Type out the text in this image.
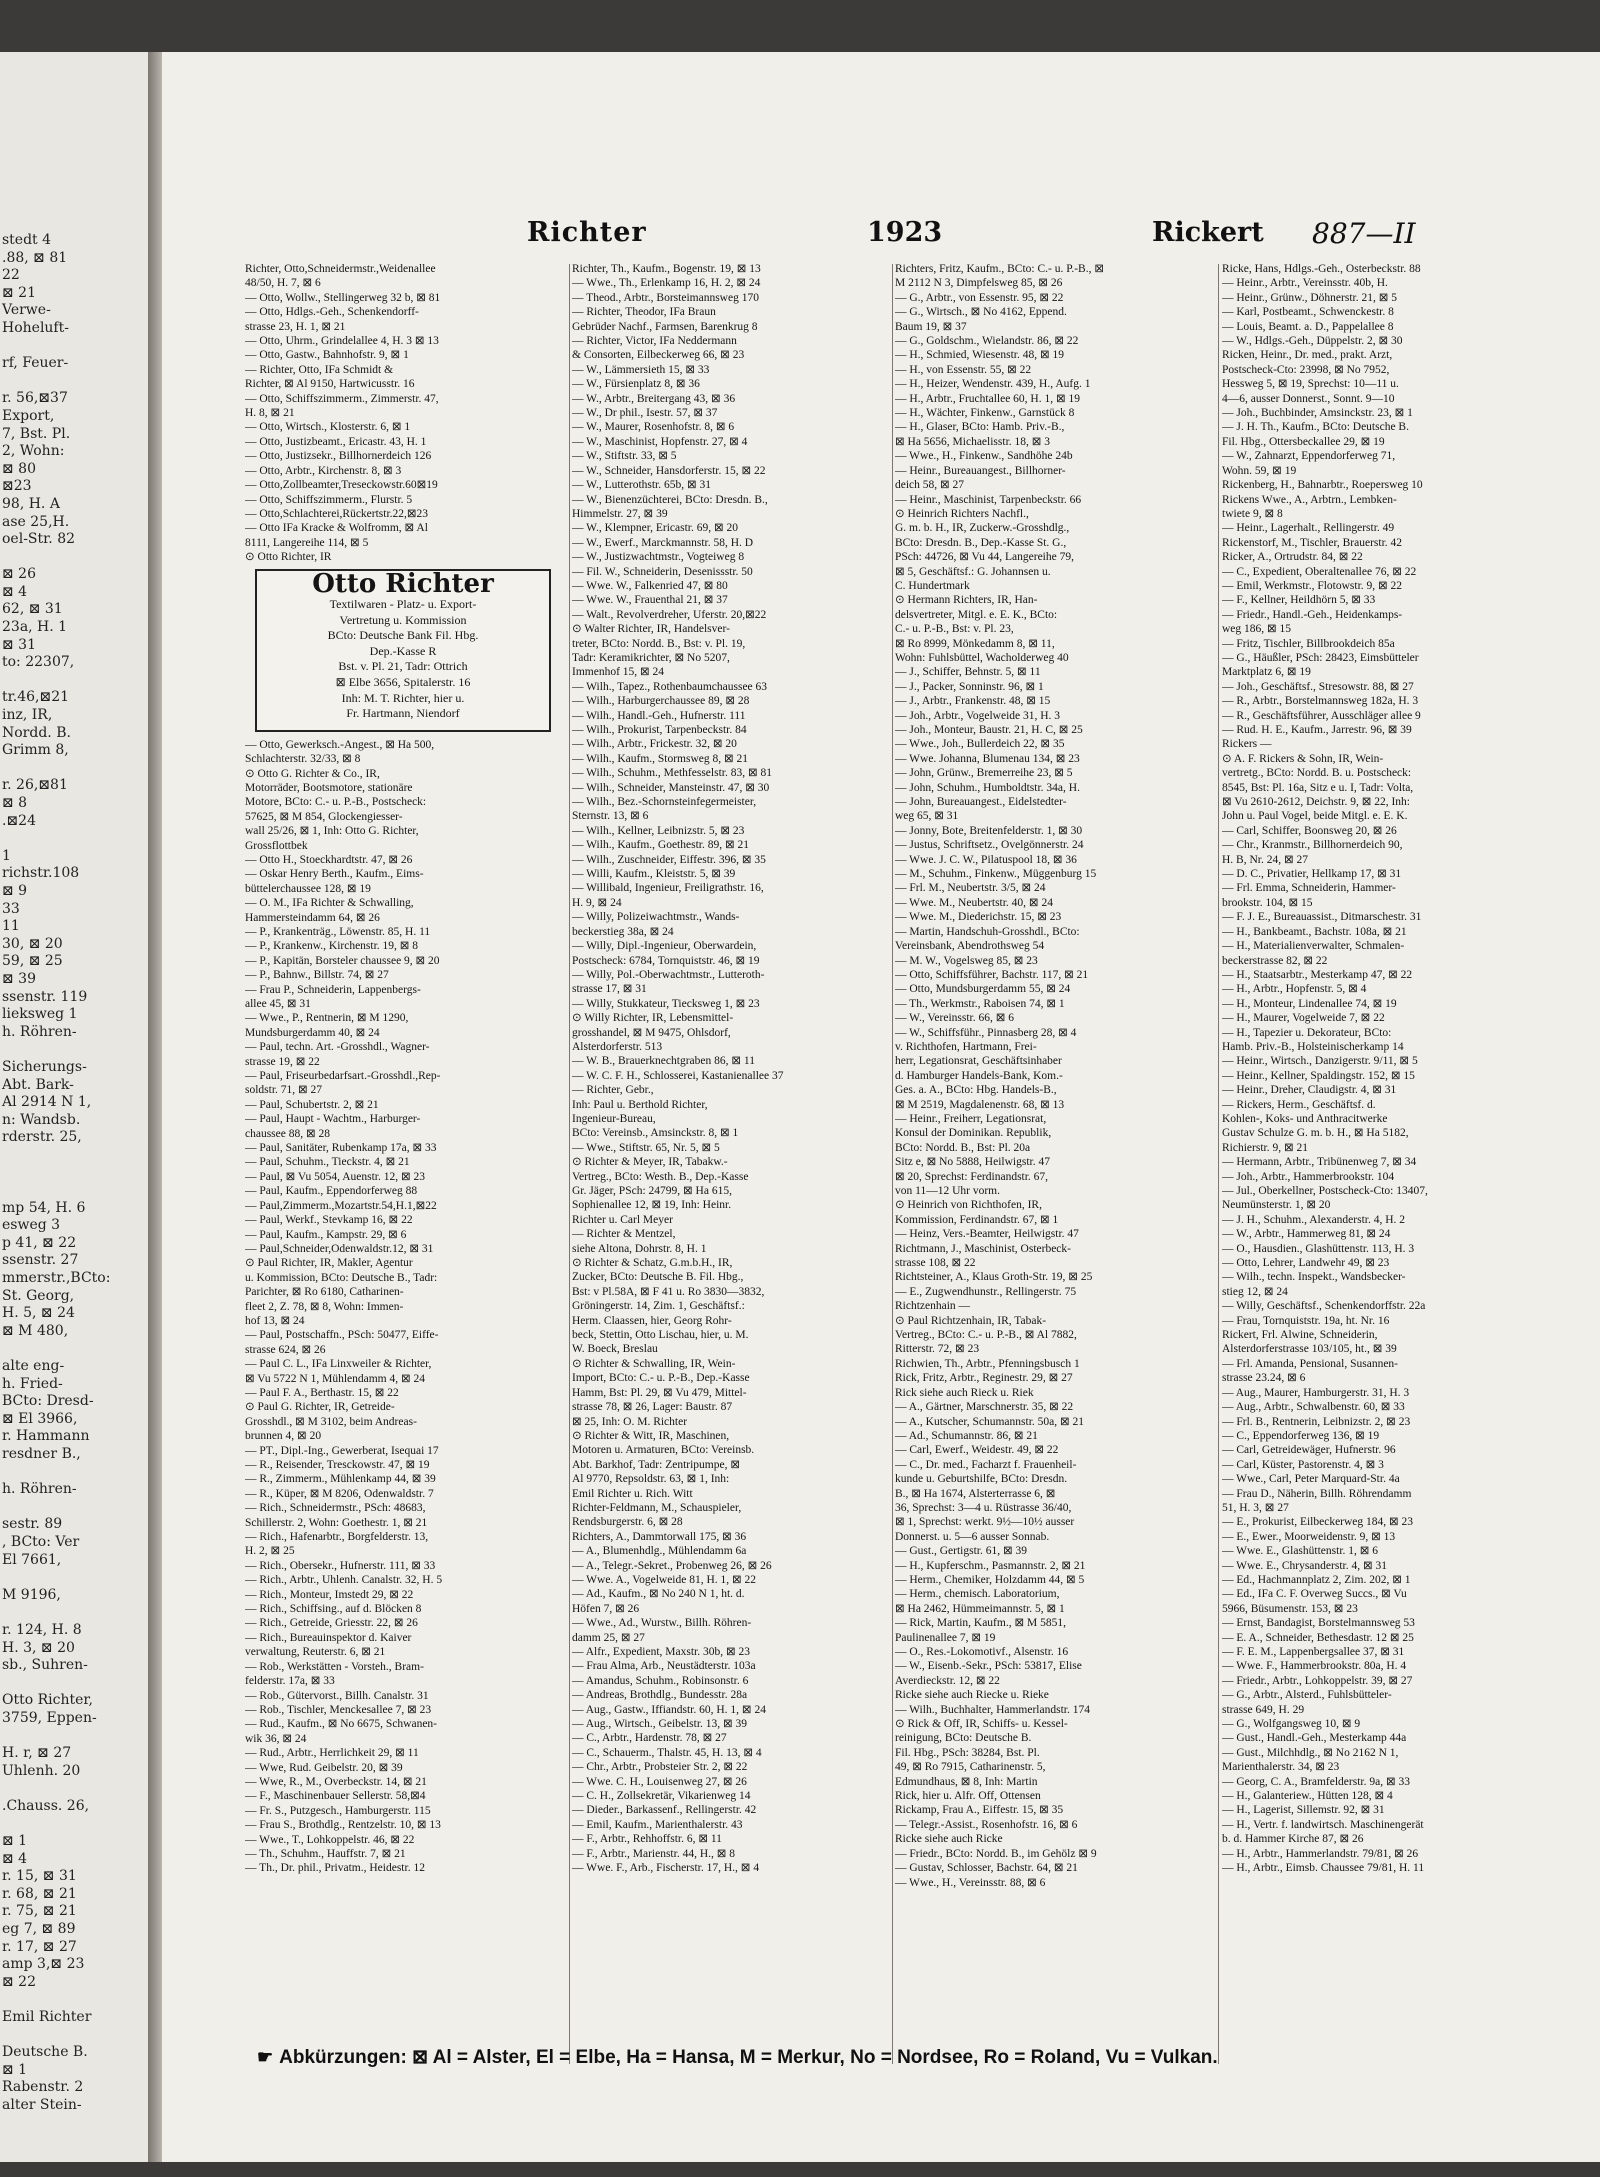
stedt 4
.88, ⊠ 81
22
⊠ 21
Verwe-
Hoheluft-

rf, Feuer-

r. 56,⊠37
Export,
7, Bst. Pl.
2, Wohn:
⊠ 80
⊠23
98, H. A
ase 25,H.
oel-Str. 82

⊠ 26
⊠ 4
62, ⊠ 31
23a, H. 1
⊠ 31
to: 22307,

tr.46,⊠21
inz, IR,
Nordd. B.
Grimm 8,

r. 26,⊠81
⊠ 8
.⊠24

1
richstr.108
⊠ 9
33
11
30, ⊠ 20
59, ⊠ 25
⊠ 39
ssenstr. 119
lieksweg 1
h. Röhren-

Sicherungs-
Abt. Bark-
Al 2914 N 1,
n: Wandsb.
rderstr. 25,

mp 54, H. 6
esweg 3
p 41, ⊠ 22
ssenstr. 27
mmerstr.,BCto:
St. Georg,
H. 5, ⊠ 24
⊠ M 480,

alte eng-
h. Fried-
BCto: Dresd-
⊠ El 3966,
r. Hammann
resdner B.,

h. Röhren-

sestr. 89
, BCto: Ver
El 7661,

M 9196,

r. 124, H. 8
H. 3, ⊠ 20
sb., Suhren-

Otto Richter,
3759, Eppen-

H. r, ⊠ 27
Uhlenh. 20

.Chauss. 26,

⊠ 1
⊠ 4
r. 15, ⊠ 31
r. 68, ⊠ 21
r. 75, ⊠ 21
eg 7, ⊠ 89
r. 17, ⊠ 27
amp 3,⊠ 23
⊠ 22

Emil Richter

Deutsche B.
⊠ 1
Rabenstr. 2
alter Stein-
Richter	1923	Rickert 887—II
Richter, Otto,Schneidermstr.,Weidenallee
48/50, H. 7, ⊠ 6
— Otto, Wollw., Stellingerweg 32 b, ⊠ 81
— Otto, Hdlgs.-Geh., Schenkendorff-
strasse 23, H. 1, ⊠ 21
— Otto, Uhrm., Grindelallee 4, H. 3 ⊠ 13
— Otto, Gastw., Bahnhofstr. 9, ⊠ 1
— Richter, Otto, IFa Schmidt &
Richter, ⊠ Al 9150, Hartwicusstr. 16
— Otto, Schiffszimmerm., Zimmerstr. 47,
H. 8, ⊠ 21
— Otto, Wirtsch., Klosterstr. 6, ⊠ 1
— Otto, Justizbeamt., Ericastr. 43, H. 1
— Otto, Justizsekr., Billhornerdeich 126
— Otto, Arbtr., Kirchenstr. 8, ⊠ 3
— Otto,Zollbeamter,Treseckowstr.60⊠19
— Otto, Schiffszimmerm., Flurstr. 5
— Otto,Schlachterei,Rückertstr.22,⊠23
— Otto IFa Kracke & Wolfromm, ⊠ Al
8111, Langereihe 114, ⊠ 5
⊙ Otto Richter, IR
Otto Richter
Textilwaren - Platz- u. Export-
Vertretung u. Kommission
BCto: Deutsche Bank Fil. Hbg.
Dep.-Kasse R
Bst. v. Pl. 21, Tadr: Ottrich
⊠ Elbe 3656, Spitalerstr. 16
Inh: M. T. Richter, hier u.
Fr. Hartmann, Niendorf
— Otto, Gewerksch.-Angest., ⊠ Ha 500,
Schlachterstr. 32/33, ⊠ 8
⊙ Otto G. Richter & Co., IR,
Motorräder, Bootsmotore, stationäre
Motore, BCto: C.- u. P.-B., Postscheck:
57625, ⊠ M 854, Glockengiesser-
wall 25/26, ⊠ 1, Inh: Otto G. Richter,
Grossflottbek
— Otto H., Stoeckhardtstr. 47, ⊠ 26
— Oskar Henry Berth., Kaufm., Eims-
büttelerchaussee 128, ⊠ 19
— O. M., IFa Richter & Schwalling,
Hammersteindamm 64, ⊠ 26
— P., Krankenträg., Löwenstr. 85, H. 11
— P., Krankenw., Kirchenstr. 19, ⊠ 8
— P., Kapitän, Borsteler chaussee 9, ⊠ 20
— P., Bahnw., Billstr. 74, ⊠ 27
— Frau P., Schneiderin, Lappenbergs-
allee 45, ⊠ 31
— Wwe., P., Rentnerin, ⊠ M 1290,
Mundsburgerdamm 40, ⊠ 24
— Paul, techn. Art. -Grosshdl., Wagner-
strasse 19, ⊠ 22
— Paul, Friseurbedarfsart.-Grosshdl.,Rep-
soldstr. 71, ⊠ 27
— Paul, Schubertstr. 2, ⊠ 21
— Paul, Haupt - Wachtm., Harburger-
chaussee 88, ⊠ 28
— Paul, Sanitäter, Rubenkamp 17a, ⊠ 33
— Paul, Schuhm., Tieckstr. 4, ⊠ 21
— Paul, ⊠ Vu 5054, Auenstr. 12, ⊠ 23
— Paul, Kaufm., Eppendorferweg 88
— Paul,Zimmerm.,Mozartstr.54,H.1,⊠22
— Paul, Werkf., Stevkamp 16, ⊠ 22
— Paul, Kaufm., Kampstr. 29, ⊠ 6
— Paul,Schneider,Odenwaldstr.12, ⊠ 31
⊙ Paul Richter, IR, Makler, Agentur
u. Kommission, BCto: Deutsche B., Tadr:
Parichter, ⊠ Ro 6180, Catharinen-
fleet 2, Z. 78, ⊠ 8, Wohn: Immen-
hof 13, ⊠ 24
— Paul, Postschaffn., PSch: 50477, Eiffe-
strasse 624, ⊠ 26
— Paul C. L., IFa Linxweiler & Richter,
⊠ Vu 5722 N 1, Mühlendamm 4, ⊠ 24
— Paul F. A., Berthastr. 15, ⊠ 22
⊙ Paul G. Richter, IR, Getreide-
Grosshdl., ⊠ M 3102, beim Andreas-
brunnen 4, ⊠ 20
— PT., Dipl.-Ing., Gewerberat, Isequai 17
— R., Reisender, Tresckowstr. 47, ⊠ 19
— R., Zimmerm., Mühlenkamp 44, ⊠ 39
— R., Küper, ⊠ M 8206, Odenwaldstr. 7
— Rich., Schneidermstr., PSch: 48683,
Schillerstr. 2, Wohn: Goethestr. 1, ⊠ 21
— Rich., Hafenarbtr., Borgfelderstr. 13,
H. 2, ⊠ 25
— Rich., Obersekr., Hufnerstr. 111, ⊠ 33
— Rich., Arbtr., Uhlenh. Canalstr. 32, H. 5
— Rich., Monteur, Imstedt 29, ⊠ 22
— Rich., Schiffsing., auf d. Blöcken 8
— Rich., Getreide, Griesstr. 22, ⊠ 26
— Rich., Bureauinspektor d. Kaiver
verwaltung, Reuterstr. 6, ⊠ 21
— Rob., Werkstätten - Vorsteh., Bram-
felderstr. 17a, ⊠ 33
— Rob., Gütervorst., Billh. Canalstr. 31
— Rob., Tischler, Menckesallee 7, ⊠ 23
— Rud., Kaufm., ⊠ No 6675, Schwanen-
wik 36, ⊠ 24
— Rud., Arbtr., Herrlichkeit 29, ⊠ 11
— Wwe, Rud. Geibelstr. 20, ⊠ 39
— Wwe, R., M., Overbeckstr. 14, ⊠ 21
— F., Maschinenbauer Sellerstr. 58,⊠4
— Fr. S., Putzgesch., Hamburgerstr. 115
— Frau S., Brothdlg., Rentzelstr. 10, ⊠ 13
— Wwe., T., Lohkoppelstr. 46, ⊠ 22
— Th., Schuhm., Hauffstr. 7, ⊠ 21
— Th., Dr. phil., Privatm., Heidestr. 12
Richter, Th., Kaufm., Bogenstr. 19, ⊠ 13
— Wwe., Th., Erlenkamp 16, H. 2, ⊠ 24
— Theod., Arbtr., Borsteimannsweg 170
— Richter, Theodor, IFa Braun
Gebrüder Nachf., Farmsen, Barenkrug 8
— Richter, Victor, IFa Neddermann
& Consorten, Eilbeckerweg 66, ⊠ 23
— W., Lämmersieth 15, ⊠ 33
— W., Fürsienplatz 8, ⊠ 36
— W., Arbtr., Breitergang 43, ⊠ 36
— W., Dr phil., Isestr. 57, ⊠ 37
— W., Maurer, Rosenhofstr. 8, ⊠ 6
— W., Maschinist, Hopfenstr. 27, ⊠ 4
— W., Stiftstr. 33, ⊠ 5
— W., Schneider, Hansdorferstr. 15, ⊠ 22
— W., Lutterothstr. 65b, ⊠ 31
— W., Bienenzüchterei, BCto: Dresdn. B.,
Himmelstr. 27, ⊠ 39
— W., Klempner, Ericastr. 69, ⊠ 20
— W., Ewerf., Marckmannstr. 58, H. D
— W., Justizwachtmstr., Vogteiweg 8
— Fil. W., Schneiderin, Desenissstr. 50
— Wwe. W., Falkenried 47, ⊠ 80
— Wwe. W., Frauenthal 21, ⊠ 37
— Walt., Revolverdreher, Uferstr. 20,⊠22
⊙ Walter Richter, IR, Handelsver-
treter, BCto: Nordd. B., Bst: v. Pl. 19,
Tadr: Keramikrichter, ⊠ No 5207,
Immenhof 15, ⊠ 24
— Wilh., Tapez., Rothenbaumchaussee 63
— Wilh., Harburgerchaussee 89, ⊠ 28
— Wilh., Handl.-Geh., Hufnerstr. 111
— Wilh., Prokurist, Tarpenbeckstr. 84
— Wilh., Arbtr., Frickestr. 32, ⊠ 20
— Wilh., Kaufm., Stormsweg 8, ⊠ 21
— Wilh., Schuhm., Methfesselstr. 83, ⊠ 81
— Wilh., Schneider, Mansteinstr. 47, ⊠ 30
— Wilh., Bez.-Schornsteinfegermeister,
Sternstr. 13, ⊠ 6
— Wilh., Kellner, Leibnizstr. 5, ⊠ 23
— Wilh., Kaufm., Goethestr. 89, ⊠ 21
— Wilh., Zuschneider, Eiffestr. 396, ⊠ 35
— Willi, Kaufm., Kleiststr. 5, ⊠ 39
— Willibald, Ingenieur, Freiligrathstr. 16,
H. 9, ⊠ 24
— Willy, Polizeiwachtmstr., Wands-
beckerstieg 38a, ⊠ 24
— Willy, Dipl.-Ingenieur, Oberwardein,
Postscheck: 6784, Tornquiststr. 46, ⊠ 19
— Willy, Pol.-Oberwachtmstr., Lutteroth-
strasse 17, ⊠ 31
— Willy, Stukkateur, Tiecksweg 1, ⊠ 23
⊙ Willy Richter, IR, Lebensmittel-
grosshandel, ⊠ M 9475, Ohlsdorf,
Alsterdorferstr. 513
— W. B., Brauerknechtgraben 86, ⊠ 11
— W. C. F. H., Schlosserei, Kastanienallee 37
— Richter, Gebr.,
Inh: Paul u. Berthold Richter,
Ingenieur-Bureau,
BCto: Vereinsb., Amsinckstr. 8, ⊠ 1
— Wwe., Stiftstr. 65, Nr. 5, ⊠ 5
⊙ Richter & Meyer, IR, Tabakw.-
Vertreg., BCto: Westh. B., Dep.-Kasse
Gr. Jäger, PSch: 24799, ⊠ Ha 615,
Sophienallee 12, ⊠ 19, Inh: Heinr.
Richter u. Carl Meyer
— Richter & Mentzel,
siehe Altona, Dohrstr. 8, H. 1
⊙ Richter & Schatz, G.m.b.H., IR,
Zucker, BCto: Deutsche B. Fil. Hbg.,
Bst: v Pl.58A, ⊠ F 41 u. Ro 3830—3832,
Gröningerstr. 14, Zim. 1, Geschäftsf.:
Herm. Claassen, hier, Georg Rohr-
beck, Stettin, Otto Lischau, hier, u. M.
W. Boeck, Breslau
⊙ Richter & Schwalling, IR, Wein-
Import, BCto: C.- u. P.-B., Dep.-Kasse
Hamm, Bst: Pl. 29, ⊠ Vu 479, Mittel-
strasse 78, ⊠ 26, Lager: Baustr. 87
⊠ 25, Inh: O. M. Richter
⊙ Richter & Witt, IR, Maschinen,
Motoren u. Armaturen, BCto: Vereinsb.
Abt. Barkhof, Tadr: Zentripumpe, ⊠
Al 9770, Repsoldstr. 63, ⊠ 1, Inh:
Emil Richter u. Rich. Witt
Richter-Feldmann, M., Schauspieler,
Rendsburgerstr. 6, ⊠ 28
Richters, A., Dammtorwall 175, ⊠ 36
— A., Blumenhdlg., Mühlendamm 6a
— A., Telegr.-Sekret., Probenweg 26, ⊠ 26
— Wwe. A., Vogelweide 81, H. 1, ⊠ 22
— Ad., Kaufm., ⊠ No 240 N 1, ht. d.
Höfen 7, ⊠ 26
— Wwe., Ad., Wurstw., Billh. Röhren-
damm 25, ⊠ 27
— Alfr., Expedient, Maxstr. 30b, ⊠ 23
— Frau Alma, Arb., Neustädterstr. 103a
— Amandus, Schuhm., Robinsonstr. 6
— Andreas, Brothdlg., Bundesstr. 28a
— Aug., Gastw., Iffiandstr. 60, H. 1, ⊠ 24
— Aug., Wirtsch., Geibelstr. 13, ⊠ 39
— C., Arbtr., Hardenstr. 78, ⊠ 27
— C., Schauerm., Thalstr. 45, H. 13, ⊠ 4
— Chr., Arbtr., Probsteier Str. 2, ⊠ 22
— Wwe. C. H., Louisenweg 27, ⊠ 26
— C. H., Zollsekretär, Vikarienweg 14
— Dieder., Barkassenf., Rellingerstr. 42
— Emil, Kaufm., Marienthalerstr. 43
— F., Arbtr., Rehhoffstr. 6, ⊠ 11
— F., Arbtr., Marienstr. 44, H., ⊠ 8
— Wwe. F., Arb., Fischerstr. 17, H., ⊠ 4
Richters, Fritz, Kaufm., BCto: C.- u. P.-B., ⊠
M 2112 N 3, Dimpfelsweg 85, ⊠ 26
— G., Arbtr., von Essenstr. 95, ⊠ 22
— G., Wirtsch., ⊠ No 4162, Eppend.
Baum 19, ⊠ 37
— G., Goldschm., Wielandstr. 86, ⊠ 22
— H., Schmied, Wiesenstr. 48, ⊠ 19
— H., von Essenstr. 55, ⊠ 22
— H., Heizer, Wendenstr. 439, H., Aufg. 1
— H., Arbtr., Fruchtallee 60, H. 1, ⊠ 19
— H., Wächter, Finkenw., Garnstück 8
— H., Glaser, BCto: Hamb. Priv.-B.,
⊠ Ha 5656, Michaelisstr. 18, ⊠ 3
— Wwe., H., Finkenw., Sandhöhe 24b
— Heinr., Bureauangest., Billhorner-
deich 58, ⊠ 27
— Heinr., Maschinist, Tarpenbeckstr. 66
⊙ Heinrich Richters Nachfl.,
G. m. b. H., IR, Zuckerw.-Grosshdlg.,
BCto: Dresdn. B., Dep.-Kasse St. G.,
PSch: 44726, ⊠ Vu 44, Langereihe 79,
⊠ 5, Geschäftsf.: G. Johannsen u.
C. Hundertmark
⊙ Hermann Richters, IR, Han-
delsvertreter, Mitgl. e. E. K., BCto:
C.- u. P.-B., Bst: v. Pl. 23,
⊠ Ro 8999, Mönkedamm 8, ⊠ 11,
Wohn: Fuhlsbüttel, Wacholderweg 40
— J., Schiffer, Behnstr. 5, ⊠ 11
— J., Packer, Sonninstr. 96, ⊠ 1
— J., Arbtr., Frankenstr. 48, ⊠ 15
— Joh., Arbtr., Vogelweide 31, H. 3
— Joh., Monteur, Baustr. 21, H. C, ⊠ 25
— Wwe., Joh., Bullerdeich 22, ⊠ 35
— Wwe. Johanna, Blumenau 134, ⊠ 23
— John, Grünw., Bremerreihe 23, ⊠ 5
— John, Schuhm., Humboldtstr. 34a, H.
— John, Bureauangest., Eidelstedter-
weg 65, ⊠ 31
— Jonny, Bote, Breitenfelderstr. 1, ⊠ 30
— Justus, Schriftsetz., Ovelgönnerstr. 24
— Wwe. J. C. W., Pilatuspool 18, ⊠ 36
— M., Schuhm., Finkenw., Müggenburg 15
— Frl. M., Neubertstr. 3/5, ⊠ 24
— Wwe. M., Neubertstr. 40, ⊠ 24
— Wwe. M., Diederichstr. 15, ⊠ 23
— Martin, Handschuh-Grosshdl., BCto:
Vereinsbank, Abendrothsweg 54
— M. W., Vogelsweg 85, ⊠ 23
— Otto, Schiffsführer, Bachstr. 117, ⊠ 21
— Otto, Mundsburgerdamm 55, ⊠ 24
— Th., Werkmstr., Raboisen 74, ⊠ 1
— W., Vereinsstr. 66, ⊠ 6
— W., Schiffsführ., Pinnasberg 28, ⊠ 4
v. Richthofen, Hartmann, Frei-
herr, Legationsrat, Geschäftsinhaber
d. Hamburger Handels-Bank, Kom.-
Ges. a. A., BCto: Hbg. Handels-B.,
⊠ M 2519, Magdalenenstr. 68, ⊠ 13
— Heinr., Freiherr, Legationsrat,
Konsul der Dominikan. Republik,
BCto: Nordd. B., Bst: Pl. 20a
Sitz e, ⊠ No 5888, Heilwigstr. 47
⊠ 20, Sprechst: Ferdinandstr. 67,
von 11—12 Uhr vorm.
⊙ Heinrich von Richthofen, IR,
Kommission, Ferdinandstr. 67, ⊠ 1
— Heinz, Vers.-Beamter, Heilwigstr. 47
Richtmann, J., Maschinist, Osterbeck-
strasse 108, ⊠ 22
Richtsteiner, A., Klaus Groth-Str. 19, ⊠ 25
— E., Zugwendhunstr., Rellingerstr. 75
Richtzenhain —
⊙ Paul Richtzenhain, IR, Tabak-
Vertreg., BCto: C.- u. P.-B., ⊠ Al 7882,
Ritterstr. 72, ⊠ 23
Richwien, Th., Arbtr., Pfenningsbusch 1
Rick, Fritz, Arbtr., Reginestr. 29, ⊠ 27
Rick siehe auch Rieck u. Riek
— A., Gärtner, Marschnerstr. 35, ⊠ 22
— A., Kutscher, Schumannstr. 50a, ⊠ 21
— Ad., Schumannstr. 86, ⊠ 21
— Carl, Ewerf., Weidestr. 49, ⊠ 22
— C., Dr. med., Facharzt f. Frauenheil-
kunde u. Geburtshilfe, BCto: Dresdn.
B., ⊠ Ha 1674, Alsterterrasse 6, ⊠
36, Sprechst: 3—4 u. Rüstrasse 36/40,
⊠ 1, Sprechst: werkt. 9½—10½ ausser
Donnerst. u. 5—6 ausser Sonnab.
— Gust., Gertigstr. 61, ⊠ 39
— H., Kupferschm., Pasmannstr. 2, ⊠ 21
— Herm., Chemiker, Holzdamm 44, ⊠ 5
— Herm., chemisch. Laboratorium,
⊠ Ha 2462, Hümmeimannstr. 5, ⊠ 1
— Rick, Martin, Kaufm., ⊠ M 5851,
Paulinenallee 7, ⊠ 19
— O., Res.-Lokomotivf., Alsenstr. 16
— W., Eisenb.-Sekr., PSch: 53817, Elise
Averdieckstr. 12, ⊠ 22
Ricke siehe auch Riecke u. Rieke
— Wilh., Buchhalter, Hammerlandstr. 174
⊙ Rick & Off, IR, Schiffs- u. Kessel-
reinigung, BCto: Deutsche B.
Fil. Hbg., PSch: 38284, Bst. Pl.
49, ⊠ Ro 7915, Catharinenstr. 5,
Edmundhaus, ⊠ 8, Inh: Martin
Rick, hier u. Alfr. Off, Ottensen
Rickamp, Frau A., Eiffestr. 15, ⊠ 35
— Telegr.-Assist., Rosenhofstr. 16, ⊠ 6
Ricke siehe auch Ricke
— Friedr., BCto: Nordd. B., im Gehölz ⊠ 9
— Gustav, Schlosser, Bachstr. 64, ⊠ 21
— Wwe., H., Vereinsstr. 88, ⊠ 6
Ricke, Hans, Hdlgs.-Geh., Osterbeckstr. 88
— Heinr., Arbtr., Vereinsstr. 40b, H.
— Heinr., Grünw., Döhnerstr. 21, ⊠ 5
— Karl, Postbeamt., Schwenckestr. 8
— Louis, Beamt. a. D., Pappelallee 8
— W., Hdlgs.-Geh., Düppelstr. 2, ⊠ 30
Ricken, Heinr., Dr. med., prakt. Arzt,
Postscheck-Cto: 23998, ⊠ No 7952,
Hessweg 5, ⊠ 19, Sprechst: 10—11 u.
4—6, ausser Donnerst., Sonnt. 9—10
— Joh., Buchbinder, Amsinckstr. 23, ⊠ 1
— J. H. Th., Kaufm., BCto: Deutsche B.
Fil. Hbg., Ottersbeckallee 29, ⊠ 19
— W., Zahnarzt, Eppendorferweg 71,
Wohn. 59, ⊠ 19
Rickenberg, H., Bahnarbtr., Roepersweg 10
Rickens Wwe., A., Arbtrn., Lembken-
twiete 9, ⊠ 8
— Heinr., Lagerhalt., Rellingerstr. 49
Rickenstorf, M., Tischler, Brauerstr. 42
Ricker, A., Ortrudstr. 84, ⊠ 22
— C., Expedient, Oberaltenallee 76, ⊠ 22
— Emil, Werkmstr., Flotowstr. 9, ⊠ 22
— F., Kellner, Heildhörn 5, ⊠ 33
— Friedr., Handl.-Geh., Heidenkamps-
weg 186, ⊠ 15
— Fritz, Tischler, Billbrookdeich 85a
— G., Häußler, PSch: 28423, Eimsbütteler
Marktplatz 6, ⊠ 19
— Joh., Geschäftsf., Stresowstr. 88, ⊠ 27
— R., Arbtr., Borstelmannsweg 182a, H. 3
— R., Geschäftsführer, Ausschläger allee 9
— Rud. H. E., Kaufm., Jarrestr. 96, ⊠ 39
Rickers —
⊙ A. F. Rickers & Sohn, IR, Wein-
vertretg., BCto: Nordd. B. u. Postscheck:
8545, Bst: Pl. 16a, Sitz e u. I, Tadr: Volta,
⊠ Vu 2610-2612, Deichstr. 9, ⊠ 22, Inh:
John u. Paul Vogel, beide Mitgl. e. E. K.
— Carl, Schiffer, Boonsweg 20, ⊠ 26
— Chr., Kranmstr., Billhornerdeich 90,
H. B, Nr. 24, ⊠ 27
— D. C., Privatier, Hellkamp 17, ⊠ 31
— Frl. Emma, Schneiderin, Hammer-
brookstr. 104, ⊠ 15
— F. J. E., Bureauassist., Ditmarschestr. 31
— H., Bankbeamt., Bachstr. 108a, ⊠ 21
— H., Materialienverwalter, Schmalen-
beckerstrasse 82, ⊠ 22
— H., Staatsarbtr., Mesterkamp 47, ⊠ 22
— H., Arbtr., Hopfenstr. 5, ⊠ 4
— H., Monteur, Lindenallee 74, ⊠ 19
— H., Maurer, Vogelweide 7, ⊠ 22
— H., Tapezier u. Dekorateur, BCto:
Hamb. Priv.-B., Holsteinischerkamp 14
— Heinr., Wirtsch., Danzigerstr. 9/11, ⊠ 5
— Heinr., Kellner, Spaldingstr. 152, ⊠ 15
— Heinr., Dreher, Claudigstr. 4, ⊠ 31
— Rickers, Herm., Geschäftsf. d.
Kohlen-, Koks- und Anthracitwerke
Gustav Schulze G. m. b. H., ⊠ Ha 5182,
Richierstr. 9, ⊠ 21
— Hermann, Arbtr., Tribünenweg 7, ⊠ 34
— Joh., Arbtr., Hammerbrookstr. 104
— Jul., Oberkellner, Postscheck-Cto: 13407,
Neumünsterstr. 1, ⊠ 20
— J. H., Schuhm., Alexanderstr. 4, H. 2
— W., Arbtr., Hammerweg 81, ⊠ 24
— O., Hausdien., Glashüttenstr. 113, H. 3
— Otto, Lehrer, Landwehr 49, ⊠ 23
— Wilh., techn. Inspekt., Wandsbecker-
stieg 12, ⊠ 24
— Willy, Geschäftsf., Schenkendorffstr. 22a
— Frau, Tornquiststr. 19a, ht. Nr. 16
Rickert, Frl. Alwine, Schneiderin,
Alsterdorferstrasse 103/105, ht., ⊠ 39
— Frl. Amanda, Pensional, Susannen-
strasse 23.24, ⊠ 6
— Aug., Maurer, Hamburgerstr. 31, H. 3
— Aug., Arbtr., Schwalbenstr. 60, ⊠ 33
— Frl. B., Rentnerin, Leibnizstr. 2, ⊠ 23
— C., Eppendorferweg 136, ⊠ 19
— Carl, Getreidewäger, Hufnerstr. 96
— Carl, Küster, Pastorenstr. 4, ⊠ 3
— Wwe., Carl, Peter Marquard-Str. 4a
— Frau D., Näherin, Billh. Röhrendamm
51, H. 3, ⊠ 27
— E., Prokurist, Eilbeckerweg 184, ⊠ 23
— E., Ewer., Moorweidenstr. 9, ⊠ 13
— Wwe. E., Glashüttenstr. 1, ⊠ 6
— Wwe. E., Chrysanderstr. 4, ⊠ 31
— Ed., Hachmannplatz 2, Zim. 202, ⊠ 1
— Ed., IFa C. F. Overweg Succs., ⊠ Vu
5966, Büsumenstr. 153, ⊠ 23
— Ernst, Bandagist, Borstelmannsweg 53
— E. A., Schneider, Bethesdastr. 12 ⊠ 25
— F. E. M., Lappenbergsallee 37, ⊠ 31
— Wwe. F., Hammerbrookstr. 80a, H. 4
— Friedr., Arbtr., Lohkoppelstr. 39, ⊠ 27
— G., Arbtr., Alsterd., Fuhlsbütteler-
strasse 649, H. 29
— G., Wolfgangsweg 10, ⊠ 9
— Gust., Handl.-Geh., Mesterkamp 44a
— Gust., Milchhdlg., ⊠ No 2162 N 1,
Marienthalerstr. 34, ⊠ 23
— Georg, C. A., Bramfelderstr. 9a, ⊠ 33
— H., Galanteriew., Hütten 128, ⊠ 4
— H., Lagerist, Sillemstr. 92, ⊠ 31
— H., Vertr. f. landwirtsch. Maschinengerät
b. d. Hammer Kirche 87, ⊠ 26
— H., Arbtr., Hammerlandstr. 79/81, ⊠ 26
— H., Arbtr., Eimsb. Chaussee 79/81, H. 11
☛ Abkürzungen: ⊠ Al = Alster, El = Elbe, Ha = Hansa, M = Merkur, No = Nordsee, Ro = Roland, Vu = Vulkan.
